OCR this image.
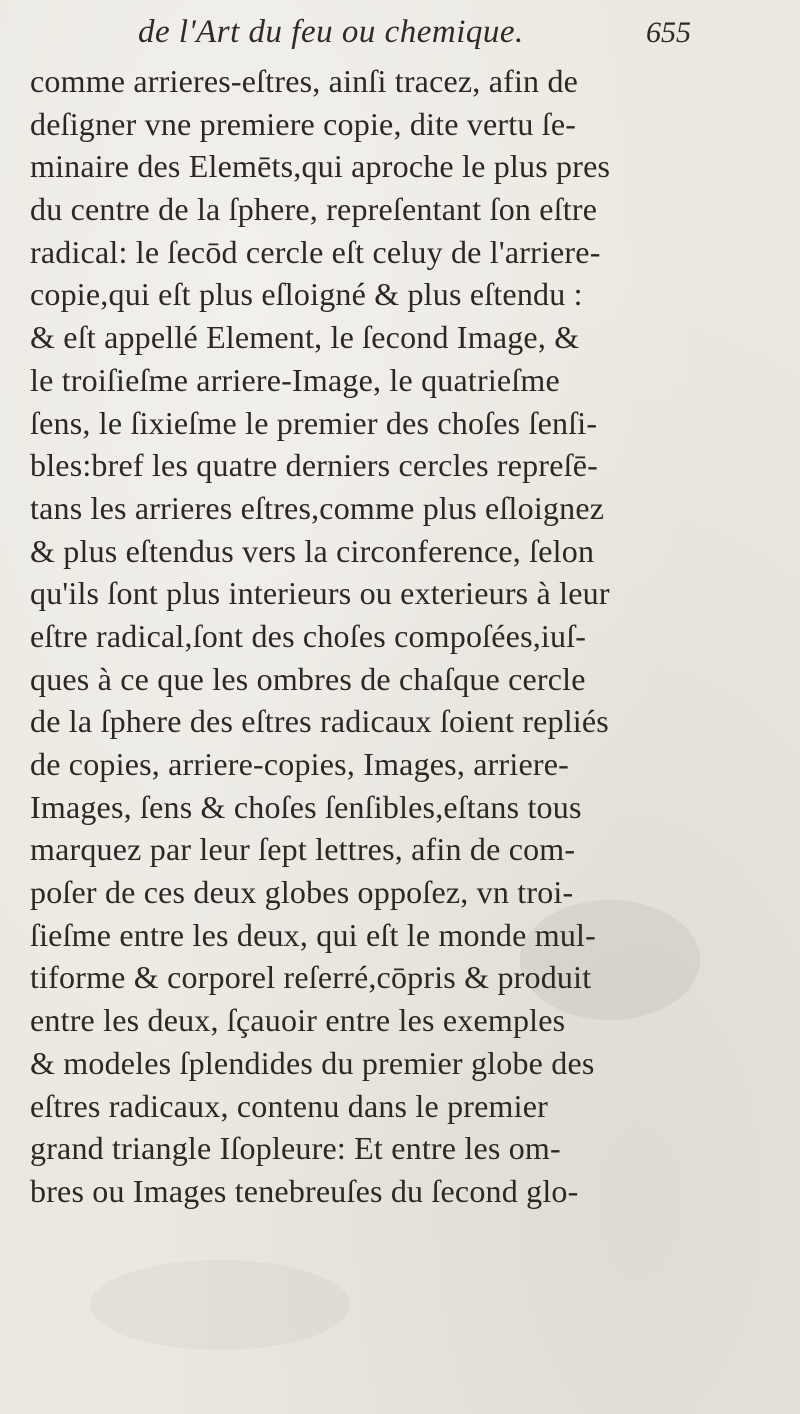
de l'Art du feu ou chemique.	655
comme arrieres-eſtres, ainſi tracez, afin de
deſigner vne premiere copie, dite vertu ſe-
minaire des Elemēts,qui aproche le plus pres
du centre de la ſphere, repreſentant ſon eſtre
radical: le ſecōd cercle eſt celuy de l'arriere-
copie,qui eſt plus eſloigné & plus eſtendu :
& eſt appellé Element, le ſecond Image, &
le troiſieſme arriere-Image, le quatrieſme
ſens, le ſixieſme le premier des choſes ſenſi-
bles:bref les quatre derniers cercles repreſē-
tans les arrieres eſtres,comme plus eſloignez
& plus eſtendus vers la circonference, ſelon
qu'ils ſont plus interieurs ou exterieurs à leur
eſtre radical,ſont des choſes compoſées,iuſ-
ques à ce que les ombres de chaſque cercle
de la ſphere des eſtres radicaux ſoient repliés
de copies, arriere-copies, Images, arriere-
Images, ſens & choſes ſenſibles,eſtans tous
marquez par leur ſept lettres, afin de com-
poſer de ces deux globes oppoſez, vn troi-
ſieſme entre les deux, qui eſt le monde mul-
tiforme & corporel reſerré,cōpris & produit
entre les deux, ſçauoir entre les exemples
& modeles ſplendides du premier globe des
eſtres radicaux, contenu dans le premier
grand triangle Iſopleure: Et entre les om-
bres ou Images tenebreuſes du ſecond glo-
